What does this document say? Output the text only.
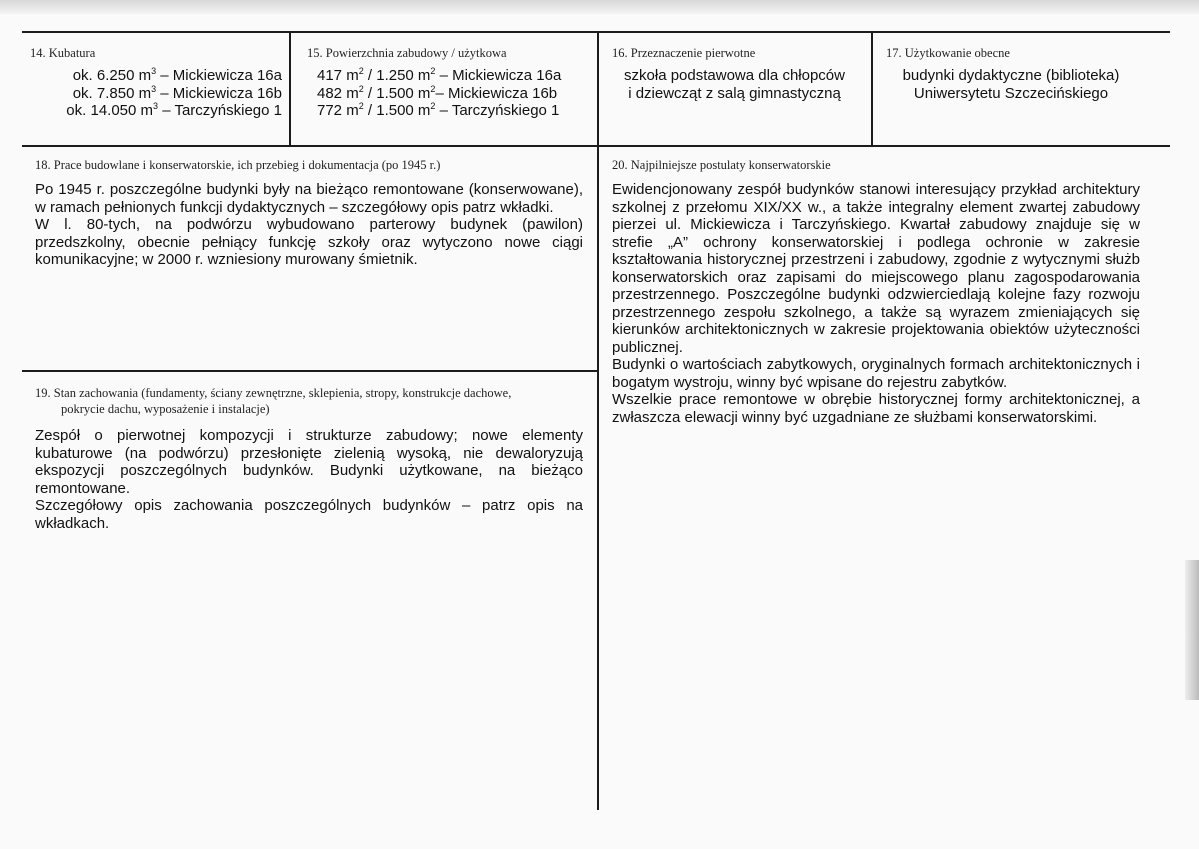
14. Kubatura
ok. 6.250 $m^3$ – Mickiewicza 16a
ok. 7.850 $m^3$ – Mickiewicza 16b
ok. 14.050 $m^3$ – Tarczyńskiego 1
15. Powierzchnia zabudowy / użytkowa
417 $m^2 / 1.250$ $m^2$ – Mickiewicza 16a
482 $m^2 / 1.500$ $m^2-$ Mickiewicza 16b
772 $m^2 / 1.500$ $m^2$ – Tarczyńskiego 1
16. Przeznaczenie pierwotne
szkoła podstawowa dla chłopców
i dziewcząt z salą gimnastyczną
17. Użytkowanie obecne
budynki dydaktyczne (biblioteka)
Uniwersytetu Szczecińskiego
18. Prace budowlane i konserwatorskie, ich przebieg i dokumentacja (po 1945 r.)
Po 1945 r. poszczególne budynki były na bieżąco remontowane (konserwowane), w ramach pełnionych funkcji dydaktycznych – szczegółowy opis patrz wkładki.
W l. 80-tych, na podwórzu wybudowano parterowy budynek (pawilon) przedszkolny, obecnie pełniący funkcję szkoły oraz wytyczono nowe ciągi komunikacyjne; w 2000 r. wzniesiony murowany śmietnik.
19. Stan zachowania (fundamenty, ściany zewnętrzne, sklepienia, stropy, konstrukcje dachowe,
pokrycie dachu, wyposażenie i instalacje)
Zespół o pierwotnej kompozycji i strukturze zabudowy; nowe elementy kubaturowe (na podwórzu) przesłonięte zielenią wysoką, nie dewaloryzują ekspozycji poszczególnych budynków. Budynki użytkowane, na bieżąco remontowane.
Szczegółowy opis zachowania poszczególnych budynków – patrz opis na wkładkach.
20. Najpilniejsze postulaty konserwatorskie
Ewidencjonowany zespół budynków stanowi interesujący przykład architektury szkolnej z przełomu XIX/XX w., a także integralny element zwartej zabudowy pierzei ul. Mickiewicza i Tarczyńskiego. Kwartał zabudowy znajduje się w strefie „A” ochrony konserwatorskiej i podlega ochronie w zakresie kształtowania historycznej przestrzeni i zabudowy, zgodnie z wytycznymi służb konserwatorskich oraz zapisami do miejscowego planu zagospodarowania przestrzennego. Poszczególne budynki odzwierciedlają kolejne fazy rozwoju przestrzennego zespołu szkolnego, a także są wyrazem zmieniających się kierunków architektonicznych w zakresie projektowania obiektów użyteczności publicznej.
Budynki o wartościach zabytkowych, oryginalnych formach architektonicznych i bogatym wystroju, winny być wpisane do rejestru zabytków.
Wszelkie prace remontowe w obrębie historycznej formy architektonicznej, a zwłaszcza elewacji winny być uzgadniane ze służbami konserwatorskimi.
